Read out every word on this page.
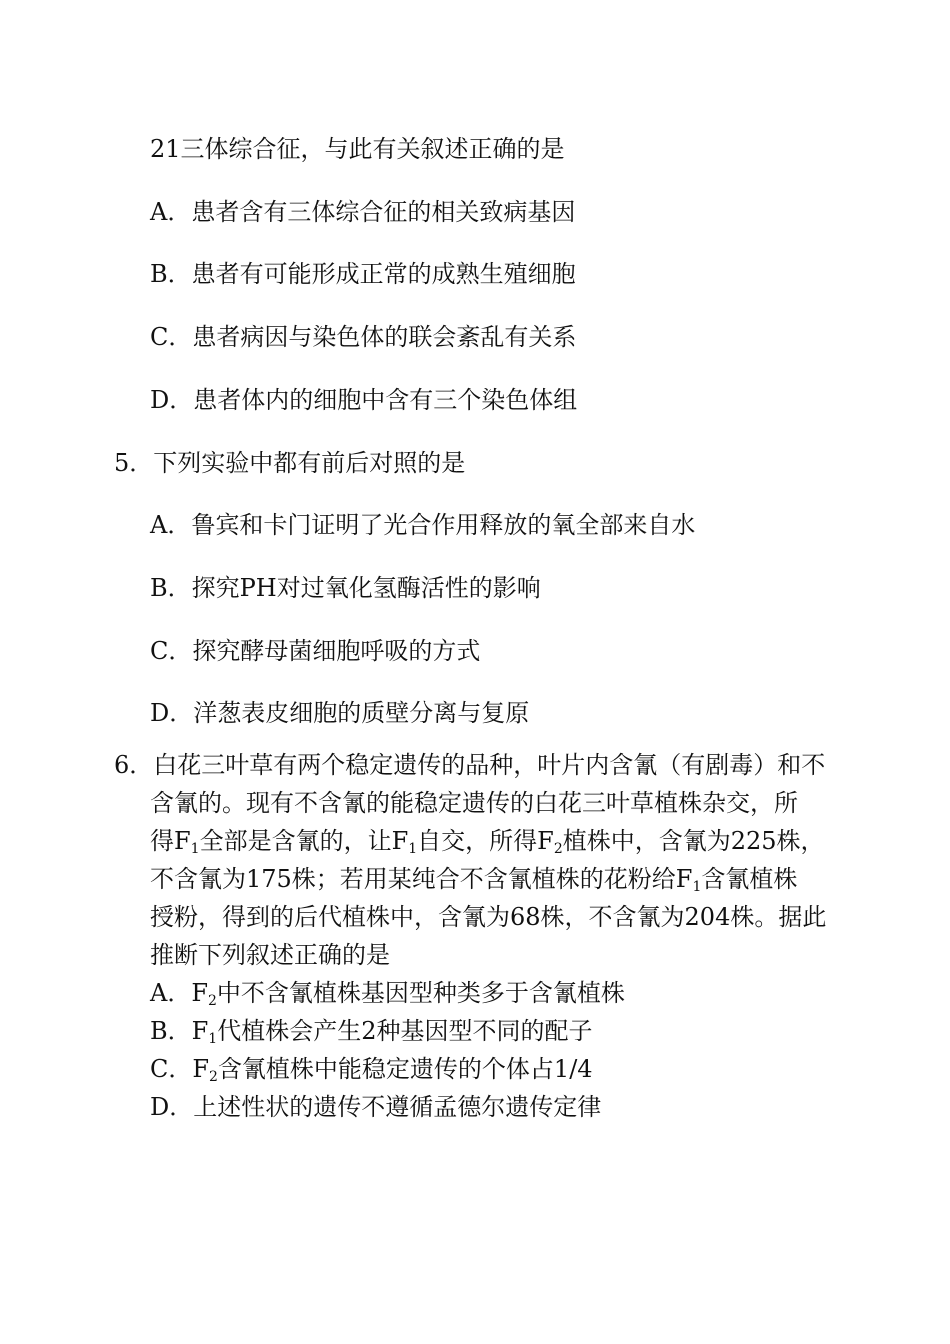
21三体综合征，与此有关叙述正确的是
A．患者含有三体综合征的相关致病基因
B．患者有可能形成正常的成熟生殖细胞
C．患者病因与染色体的联会紊乱有关系
D．患者体内的细胞中含有三个染色体组
5．下列实验中都有前后对照的是
A．鲁宾和卡门证明了光合作用释放的氧全部来自水
B．探究PH对过氧化氢酶活性的影响
C．探究酵母菌细胞呼吸的方式
D．洋葱表皮细胞的质壁分离与复原
6．白花三叶草有两个稳定遗传的品种，叶片内含氰（有剧毒）和不
含氰的。现有不含氰的能稳定遗传的白花三叶草植株杂交，所
得$F_1$全部是含氰的，让$F_1$自交，所得$F_2$植株中，含氰为225株，
不含氰为175株；若用某纯合不含氰植株的花粉给$F_1$含氰植株
授粉，得到的后代植株中，含氰为68株，不含氰为204株。据此
推断下列叙述正确的是
A．$F_2$中不含氰植株基因型种类多于含氰植株
B．$F_1$代植株会产生2种基因型不同的配子
C．$F_2$含氰植株中能稳定遗传的个体占1/4
D．上述性状的遗传不遵循孟德尔遗传定律
